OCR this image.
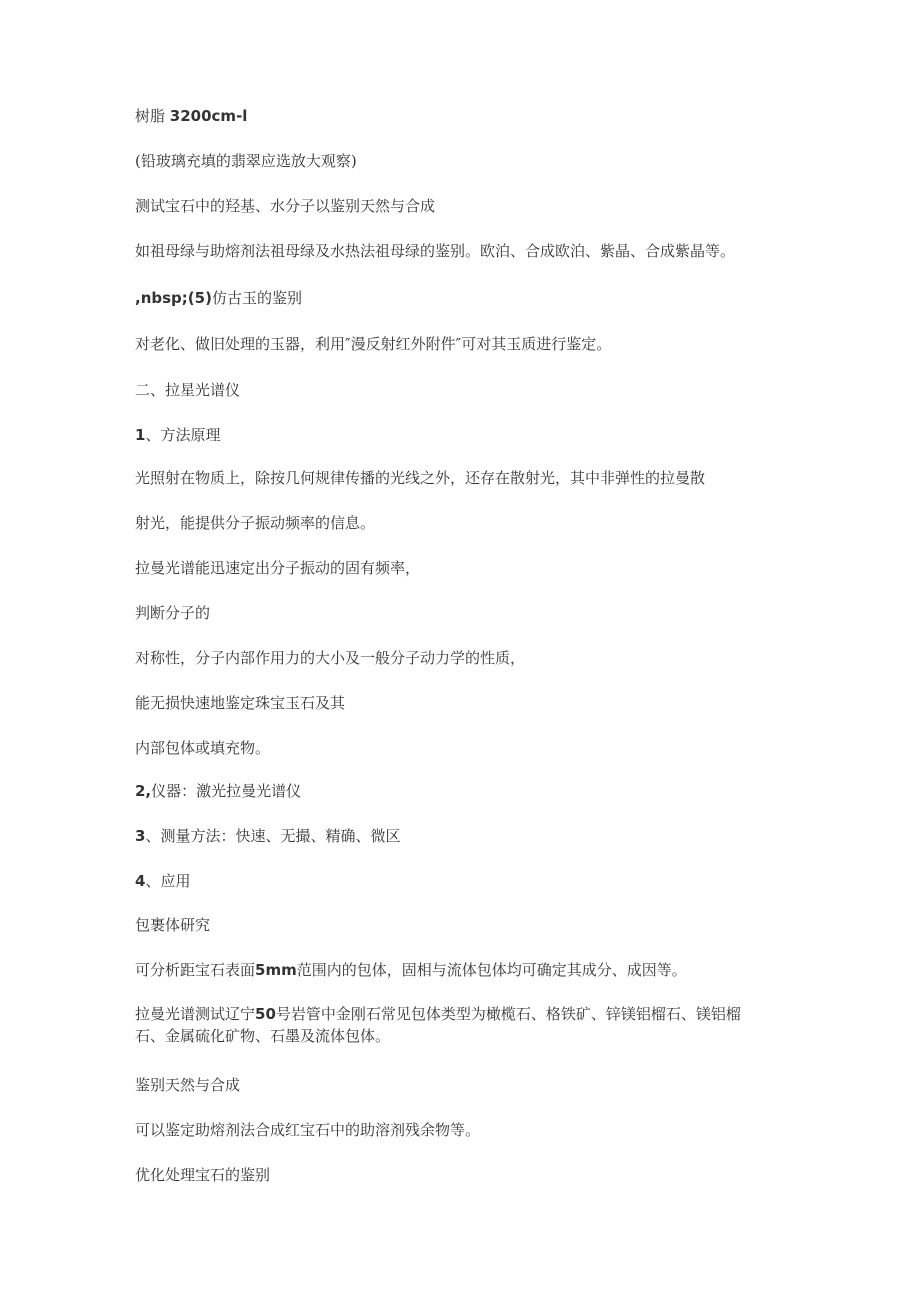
树脂 3200cm-l
(铅玻璃充填的翡翠应选放大观察)
测试宝石中的羟基、水分子以鉴别天然与合成
如祖母绿与助熔剂法祖母绿及水热法祖母绿的鉴别。欧泊、合成欧泊、紫晶、合成紫晶等。
,nbsp;(5)仿古玉的鉴别
对老化、做旧处理的玉器，利用″漫反射红外附件″可对其玉质进行鉴定。
二、拉星光谱仪
1、方法原理
光照射在物质上，除按几何规律传播的光线之外，还存在散射光，其中非弹性的拉曼散
射光，能提供分子振动频率的信息。
拉曼光谱能迅速定出分子振动的固有频率，
判断分子的
对称性，分子内部作用力的大小及一般分子动力学的性质，
能无损快速地鉴定珠宝玉石及其
内部包体或填充物。
2,仪器：激光拉曼光谱仪
3、测量方法：快速、无撮、精确、微区
4、应用
包裹体研究
可分析距宝石表面5mm范围内的包体，固相与流体包体均可确定其成分、成因等。
拉曼光谱测试辽宁50号岩管中金刚石常见包体类型为橄榄石、格铁矿、锌镁铝榴石、镁铝榴石、金属硫化矿物、石墨及流体包体。
鉴别天然与合成
可以鉴定助熔剂法合成红宝石中的助溶剂残余物等。
优化处理宝石的鉴别
